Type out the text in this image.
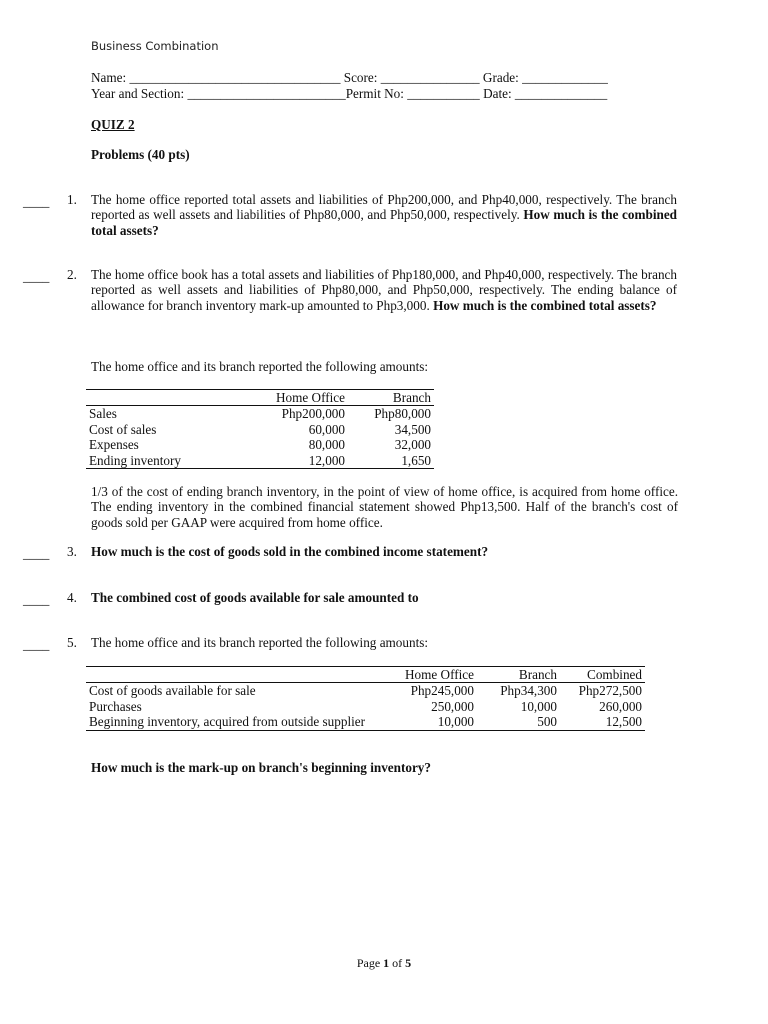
Business Combination
Name: ________________________________ Score: _______________ Grade: _____________
Year and Section: ________________________Permit No: ___________ Date: ______________
QUIZ 2
Problems (40 pts)
____ 1. The home office reported total assets and liabilities of Php200,000, and Php40,000, respectively. The branch reported as well assets and liabilities of Php80,000, and Php50,000, respectively. How much is the combined total assets?
____ 2. The home office book has a total assets and liabilities of Php180,000, and Php40,000, respectively. The branch reported as well assets and liabilities of Php80,000, and Php50,000, respectively. The ending balance of allowance for branch inventory mark-up amounted to Php3,000. How much is the combined total assets?
The home office and its branch reported the following amounts:
	Home Office	Branch
Sales	Php200,000	Php80,000
Cost of sales	60,000	34,500
Expenses	80,000	32,000
Ending inventory	12,000	1,650
1/3 of the cost of ending branch inventory, in the point of view of home office, is acquired from home office. The ending inventory in the combined financial statement showed Php13,500. Half of the branch's cost of goods sold per GAAP were acquired from home office.
____ 3. How much is the cost of goods sold in the combined income statement?
____ 4. The combined cost of goods available for sale amounted to
____ 5. The home office and its branch reported the following amounts:
	Home Office	Branch	Combined
Cost of goods available for sale	Php245,000	Php34,300	Php272,500
Purchases	250,000	10,000	260,000
Beginning inventory, acquired from outside supplier	10,000	500	12,500
How much is the mark-up on branch's beginning inventory?
Page 1 of 5
